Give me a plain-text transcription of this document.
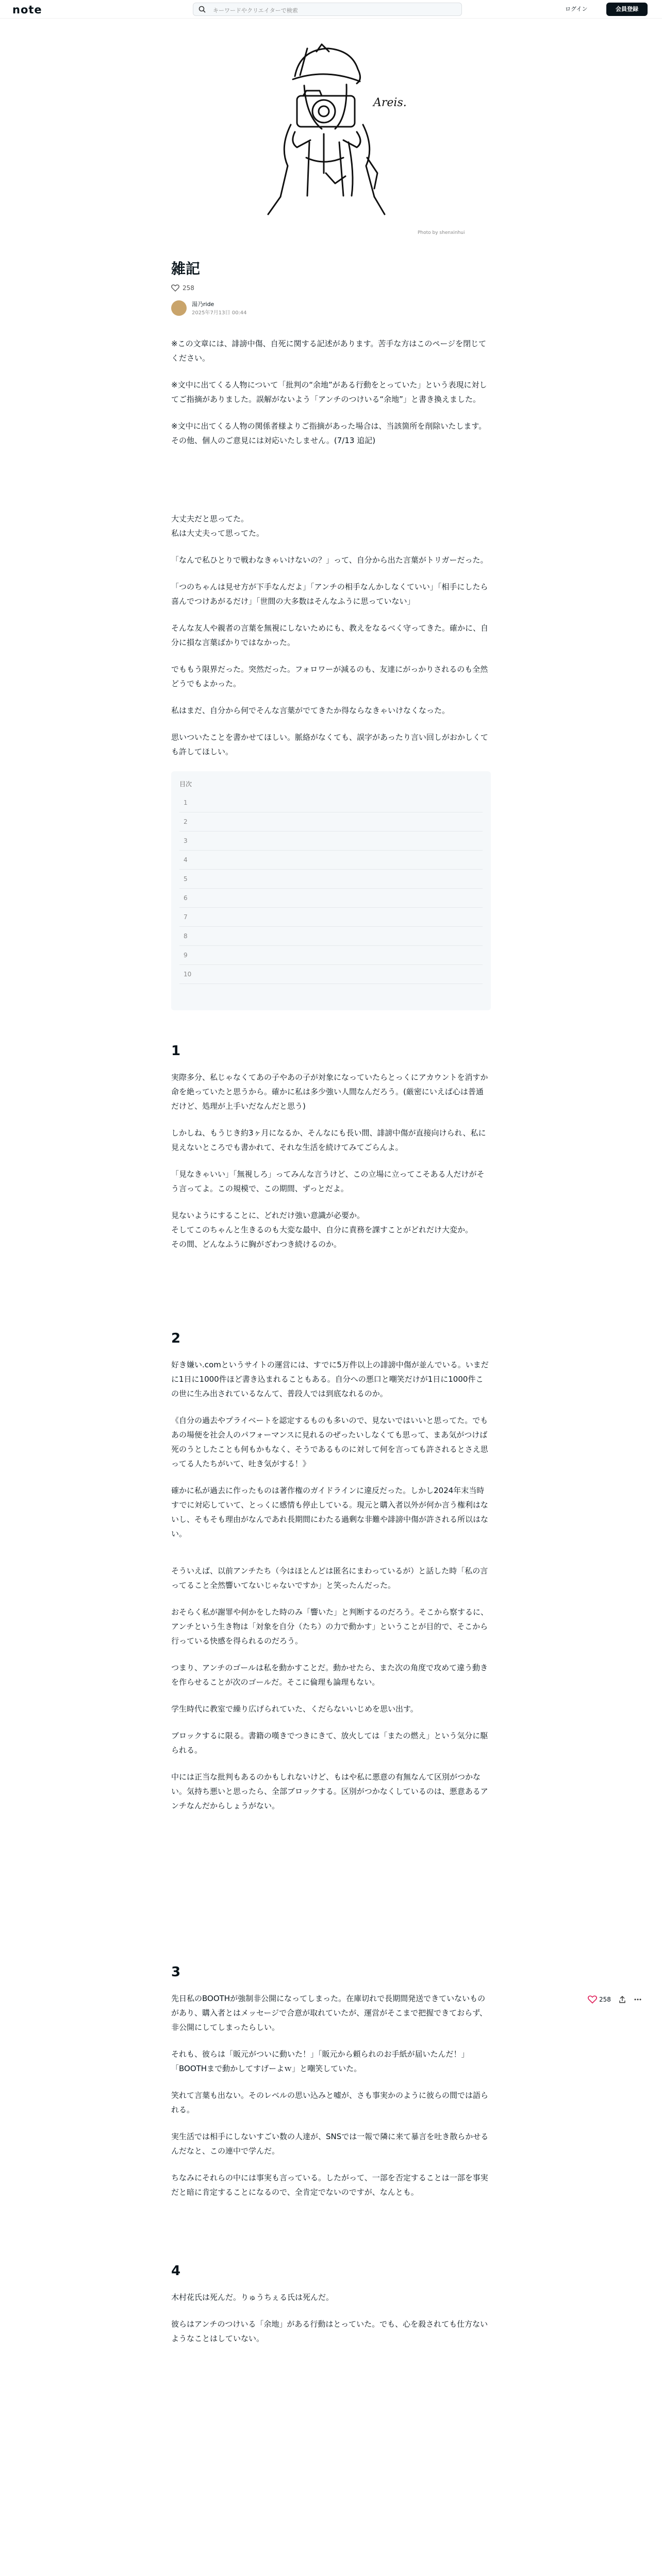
note	キーワードやクリエイターで検索	ログイン	会員登録
Areis.
Photo by shenxinhui
雑記
258
湯乃ride
2025年7月13日 00:44

※この文章には、誹謗中傷、自死に関する記述があります。苦手な方はこのページを閉じてください。

※文中に出てくる人物について「批判の“余地”がある行動をとっていた」という表現に対してご指摘がありました。誤解がないよう「アンチのつけいる“余地”」と書き換えました。

※文中に出てくる人物の関係者様よりご指摘があった場合は、当該箇所を削除いたします。その他、個人のご意見には対応いたしません。(7/13 追記)

大丈夫だと思ってた。
私は大丈夫って思ってた。

「なんで私ひとりで戦わなきゃいけないの？」って、自分から出た言葉がトリガーだった。

「つのちゃんは見せ方が下手なんだよ」「アンチの相手なんかしなくていい」「相手にしたら喜んでつけあがるだけ」「世間の大多数はそんなふうに思っていない」

そんな友人や親者の言葉を無視にしないためにも、教えをなるべく守ってきた。確かに、自分に損な言葉ばかりではなかった。

でももう限界だった。突然だった。フォロワーが減るのも、友達にがっかりされるのも全然どうでもよかった。

私はまだ、自分から何でそんな言葉がでてきたか得ならなきゃいけなくなった。

思いついたことを書かせてほしい。脈絡がなくても、誤字があったり言い回しがおかしくても許してほしい。

目次
1
2
3
4
5
6
7
8
9
10
1

実際多分、私じゃなくてあの子やあの子が対象になっていたらとっくにアカウントを消すか命を絶っていたと思うから。確かに私は多少強い人間なんだろう。(厳密にいえば心は普通だけど、処理が上手いだなんだと思う)

しかしね、もうじき約3ヶ月になるか、そんなにも長い間、誹謗中傷が直接向けられ、私に見えないところでも書かれて、それな生活を続けてみてごらんよ。

「見なきゃいい」「無視しろ」ってみんな言うけど、この立場に立ってこそある人だけがそう言ってよ。この規模で、この期間、ずっとだよ。

見ないようにすることに、どれだけ強い意識が必要か。
そしてこのちゃんと生きるのも大変な最中、自分に責務を課すことがどれだけ大変か。
その間、どんなふうに胸がざわつき続けるのか。

2

好き嫌い.comというサイトの運営には、すでに5万件以上の誹謗中傷が並んでいる。いまだに1日に1000件ほど書き込まれることもある。自分への悪口と嘲笑だけが1日に1000件この世に生み出されているなんて、普段人では到底なれるのか。

《自分の過去やプライベートを認定するものも多いので、見ないではいいと思ってた。でもあの場便を社会人のパフォーマンスに見れるのぜったいしなくても思って、まあ気がつけば死のうとしたことも何もかもなく、そうであるものに対して何を言っても許されるとさえ思ってる人たちがいて、吐き気がする！》

確かに私が過去に作ったものは著作権のガイドラインに違反だった。しかし2024年末当時すでに対応していて、とっくに感情も停止している。現元と購入者以外が何か言う権利はないし、そもそも理由がなんであれ長期間にわたる過剰な非難や誹謗中傷が許される所以はない。

そういえば、以前アンチたち（今はほとんどは匿名にまわっているが）と話した時「私の言ってること全然響いてないじゃないですか」と笑ったんだった。

おそらく私が謝罪や何かをした時のみ「響いた」と判断するのだろう。そこから察するに、アンチという生き物は「対象を自分（たち）の力で動かす」ということが目的で、そこから行っている快感を得られるのだろう。

つまり、アンチのゴールは私を動かすことだ。動かせたら、また次の角度で攻めて違う動きを作らせることが次のゴールだ。そこに倫理も論理もない。

学生時代に教室で繰り広げられていた、くだらないいじめを思い出す。

ブロックするに限る。書籍の嘆きでつきにきて、放火しては「またの燃え」という気分に駆られる。

中には正当な批判もあるのかもしれないけど、もはや私に悪意の有無なんて区別がつかない。気持ち悪いと思ったら、全部ブロックする。区別がつかなくしているのは、悪意あるアンチなんだからしょうがない。

3

先日私のBOOTHが強制非公開になってしまった。在庫切れで長期間発送できていないものがあり、購入者とはメッセージで合意が取れていたが、運営がそこまで把握できておらず、非公開にしてしまったらしい。

それも、彼らは「販元がついに動いた！」「販元から頼られのお手紙が届いたんだ！」「BOOTHまで動かしてすげーよｗ」と嘲笑していた。

笑れて言葉も出ない。そのレベルの思い込みと嘘が、さも事実かのように彼らの間では語られる。

実生活では相手にしないすごい数の人達が、SNSでは一報で隣に来て暴言を吐き散らかせるんだなと、この連中で学んだ。

ちなみにそれらの中には事実も言っている。したがって、一部を否定することは一部を事実だと暗に肯定することになるので、全肯定でないのですが、なんとも。

4

木村花氏は死んだ。りゅうちぇる氏は死んだ。

彼らはアンチのつけいる「余地」がある行動はとっていた。でも、心を殺されても仕方ないようなことはしていない。

258
